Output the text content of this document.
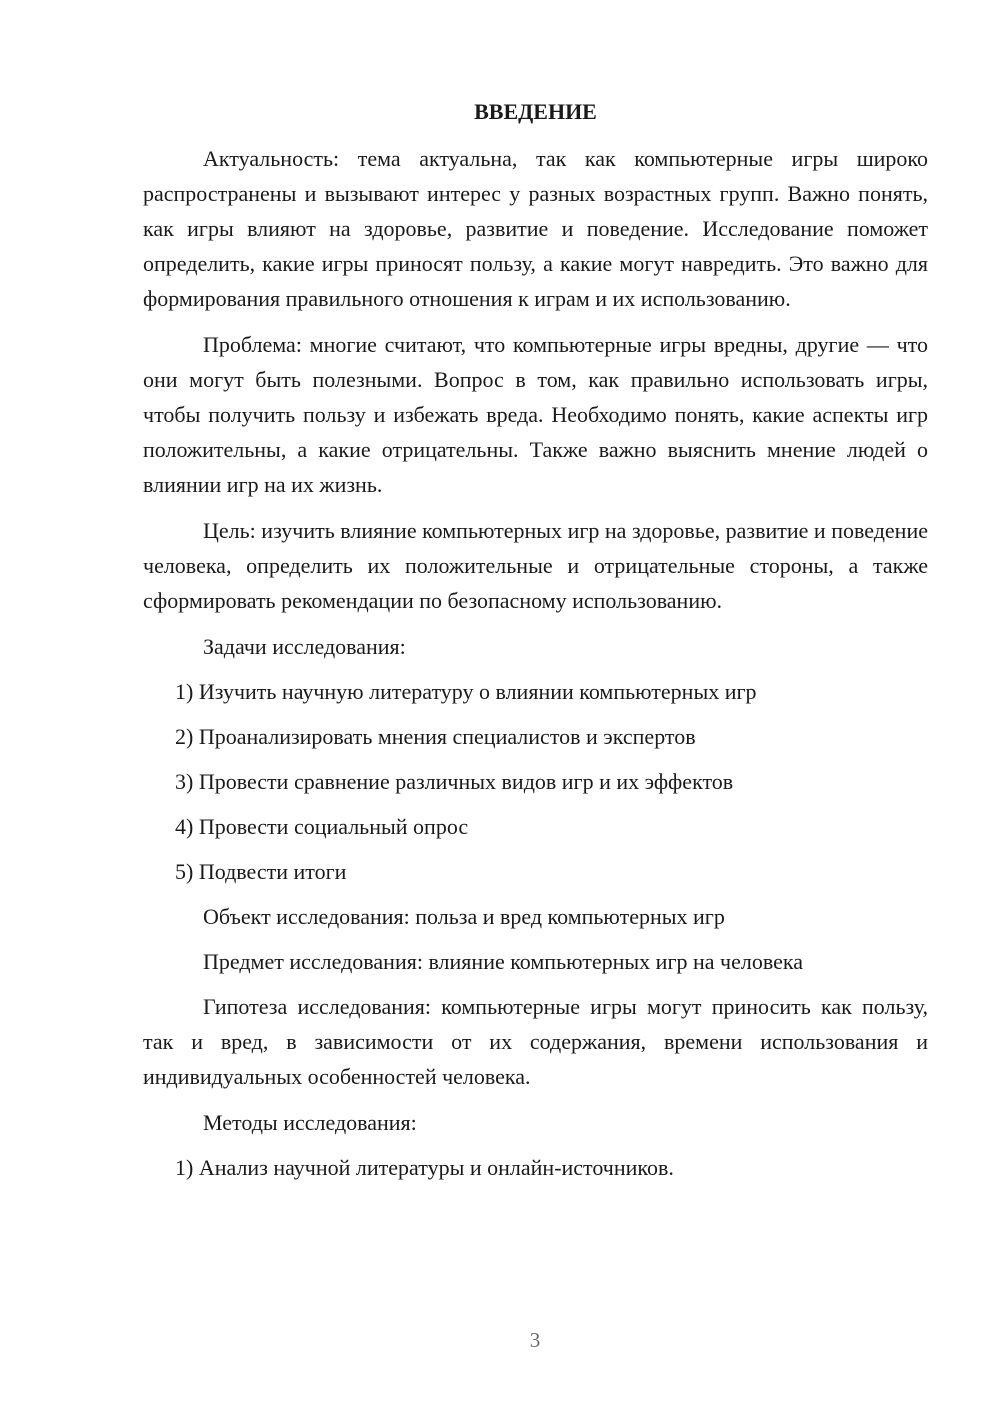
ВВЕДЕНИЕ

Актуальность: тема актуальна, так как компьютерные игры широко распространены и вызывают интерес у разных возрастных групп. Важно понять, как игры влияют на здоровье, развитие и поведение. Исследование поможет определить, какие игры приносят пользу, а какие могут навредить. Это важно для формирования правильного отношения к играм и их использованию.

Проблема: многие считают, что компьютерные игры вредны, другие — что они могут быть полезными. Вопрос в том, как правильно использовать игры, чтобы получить пользу и избежать вреда. Необходимо понять, какие аспекты игр положительны, а какие отрицательны. Также важно выяснить мнение людей о влиянии игр на их жизнь.

Цель: изучить влияние компьютерных игр на здоровье, развитие и поведение человека, определить их положительные и отрицательные стороны, а также сформировать рекомендации по безопасному использованию.

Задачи исследования:

1) Изучить научную литературу о влиянии компьютерных игр
2) Проанализировать мнения специалистов и экспертов
3) Провести сравнение различных видов игр и их эффектов
4) Провести социальный опрос
5) Подвести итоги

Объект исследования: польза и вред компьютерных игр

Предмет исследования: влияние компьютерных игр на человека

Гипотеза исследования: компьютерные игры могут приносить как пользу, так и вред, в зависимости от их содержания, времени использования и индивидуальных особенностей человека.

Методы исследования:

1) Анализ научной литературы и онлайн-источников.
3
